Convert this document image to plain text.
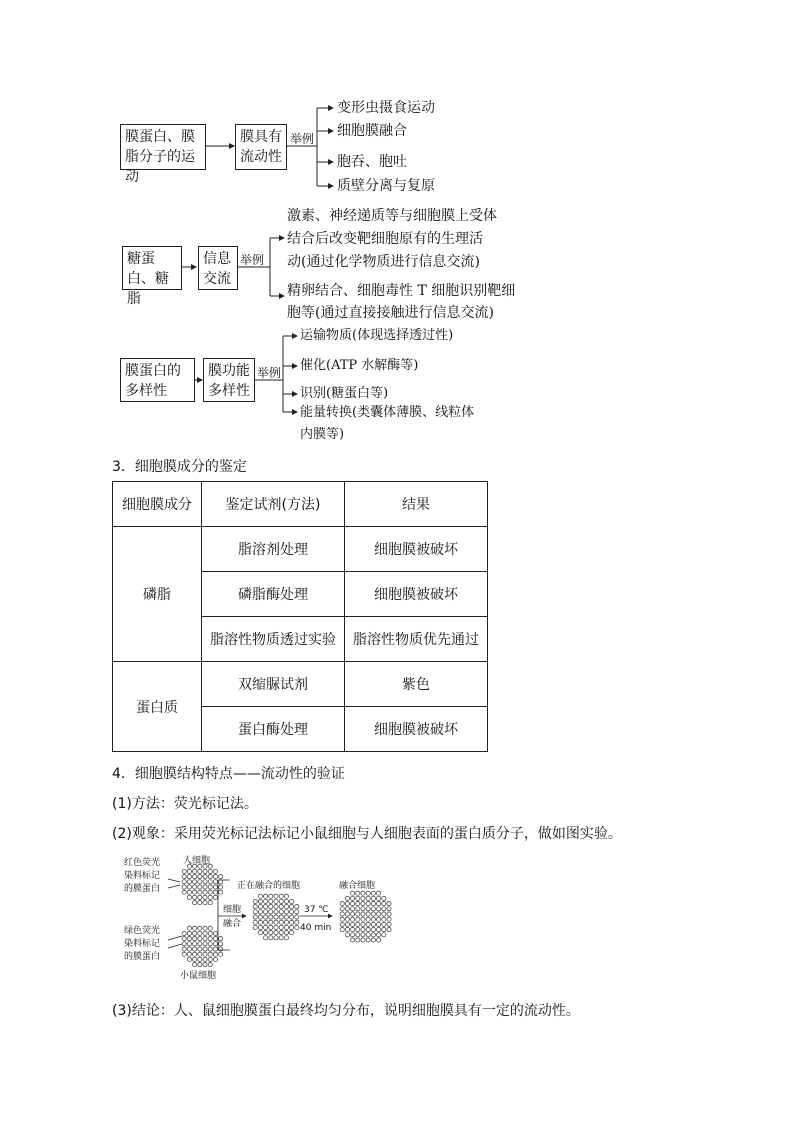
膜蛋白、膜脂分子的运动
膜具有流动性
举例
变形虫摄食运动
细胞膜融合
胞吞、胞吐
质壁分离与复原
糖蛋白、糖脂
信息交流
举例
激素、神经递质等与细胞膜上受体
结合后改变靶细胞原有的生理活
动(通过化学物质进行信息交流)
精卵结合、细胞毒性 T 细胞识别靶细
胞等(通过直接接触进行信息交流)
膜蛋白的多样性
膜功能多样性
举例
运输物质(体现选择透过性)
催化(ATP 水解酶等)
识别(糖蛋白等)
能量转换(类囊体薄膜、线粒体
内膜等)
3．细胞膜成分的鉴定
细胞膜成分	鉴定试剂(方法)	结果
磷脂	脂溶剂处理	细胞膜被破坏
	磷脂酶处理	细胞膜被破坏
	脂溶性物质透过实验	脂溶性物质优先通过
蛋白质	双缩脲试剂	紫色
	蛋白酶处理	细胞膜被破坏
4．细胞膜结构特点——流动性的验证
(1)方法：荧光标记法。
(2)观象：采用荧光标记法标记小鼠细胞与人细胞表面的蛋白质分子，做如图实验。
红色荧光
染料标记
的膜蛋白
人细胞
绿色荧光
染料标记
的膜蛋白
小鼠细胞
正在融合的细胞	融合细胞
细胞
融合
37 ℃
40 min
(3)结论：人、鼠细胞膜蛋白最终均匀分布，说明细胞膜具有一定的流动性。
